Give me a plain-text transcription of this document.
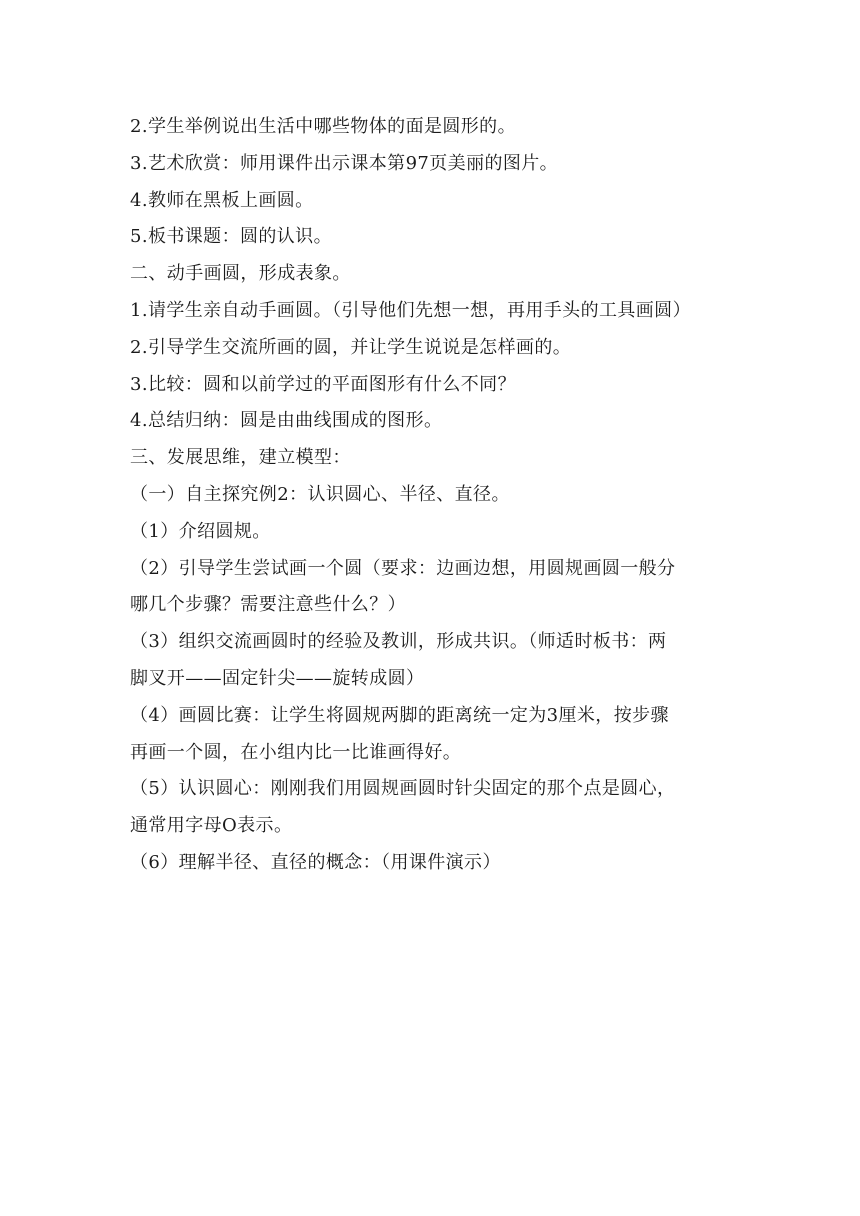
2.学生举例说出生活中哪些物体的面是圆形的。
3.艺术欣赏：师用课件出示课本第97页美丽的图片。
4.教师在黑板上画圆。
5.板书课题：圆的认识。
二、动手画圆，形成表象。
1.请学生亲自动手画圆。（引导他们先想一想，再用手头的工具画圆）
2.引导学生交流所画的圆，并让学生说说是怎样画的。
3.比较：圆和以前学过的平面图形有什么不同？
4.总结归纳：圆是由曲线围成的图形。
三、发展思维，建立模型：
（一）自主探究例2：认识圆心、半径、直径。
（1）介绍圆规。
（2）引导学生尝试画一个圆（要求：边画边想，用圆规画圆一般分
哪几个步骤？需要注意些什么？）
（3）组织交流画圆时的经验及教训，形成共识。（师适时板书：两
脚叉开——固定针尖——旋转成圆）
（4）画圆比赛：让学生将圆规两脚的距离统一定为3厘米，按步骤
再画一个圆，在小组内比一比谁画得好。
（5）认识圆心：刚刚我们用圆规画圆时针尖固定的那个点是圆心，
通常用字母O表示。
（6）理解半径、直径的概念：（用课件演示）
